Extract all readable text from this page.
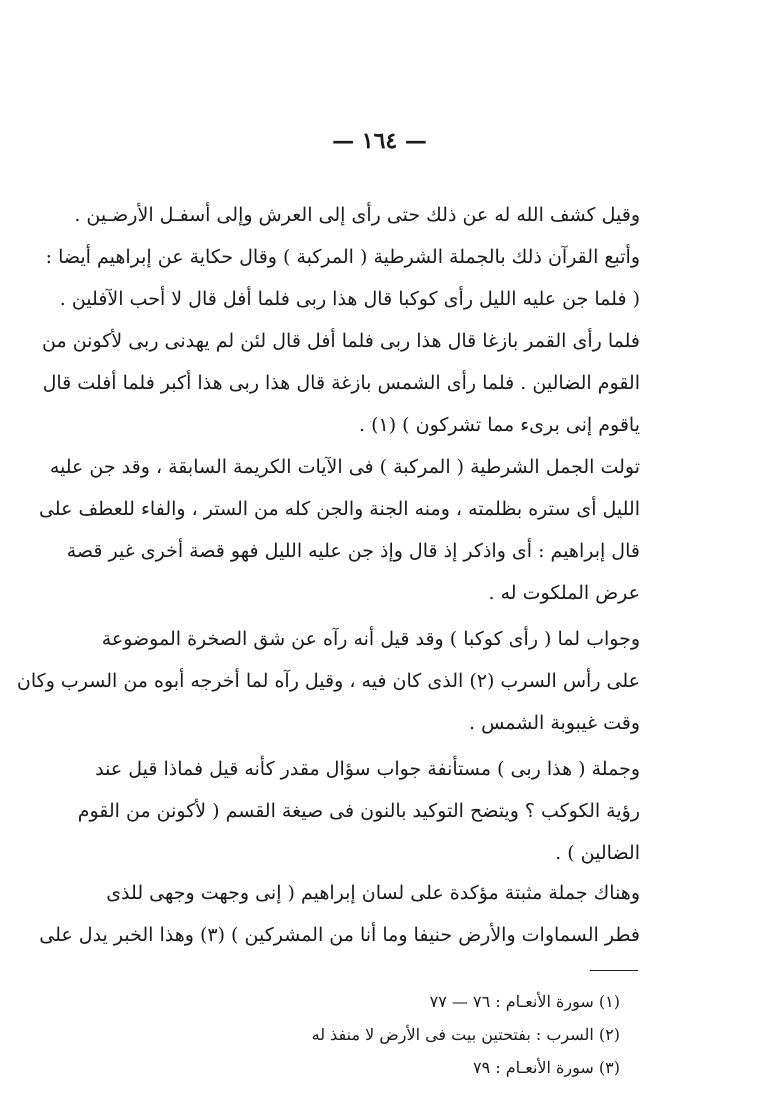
— ١٦٤ —
وقيل كشف الله له عن ذلك حتى رأى إلى العرش وإلى أسفـل الأرضـين .
وأتبع القرآن ذلك بالجملة الشرطية ( المركبة ) وقال حكاية عن إبراهيم أيضا :
( فلما جن عليه الليل رأى كوكبا قال هذا ربى فلما أفل قال لا أحب الآفلين .
فلما رأى القمر بازغا قال هذا ربى فلما أفل قال لئن لم يهدنى ربى لأكونن من
القوم الضالين . فلما رأى الشمس بازغة قال هذا ربى هذا أكبر فلما أفلت قال
ياقوم إنى برىء مما تشركون ) (١) .
تولت الجمل الشرطية ( المركبة ) فى الآيات الكريمة السابقة ، وقد جن عليه
الليل أى ستره بظلمته ، ومنه الجنة والجن كله من الستر ، والفاء للعطف على
قال إبراهيم : أى واذكر إذ قال وإذ جن عليه الليل فهو قصة أخرى غير قصة
عرض الملكوت له .
وجواب لما ( رأى كوكبا ) وقد قيل أنه رآه عن شق الصخرة الموضوعة
على رأس السرب (٢) الذى كان فيه ، وقيل رآه لما أخرجه أبوه من السرب وكان
وقت غيبوبة الشمس .
وجملة ( هذا ربى ) مستأنفة جواب سؤال مقدر كأنه قيل فماذا قيل عند
رؤية الكوكب ؟ ويتضح التوكيد بالنون فى صيغة القسم ( لأكونن من القوم
الضالين ) .
وهناك جملة مثبتة مؤكدة على لسان إبراهيم ( إنى وجهت وجهى للذى
فطر السماوات والأرض حنيفا وما أنا من المشركين ) (٣) وهذا الخبر يدل على
(١) سورة الأنعـام : ٧٦ — ٧٧
(٢) السرب : بفتحتين بيت فى الأرض لا منفذ له
(٣) سورة الأنعـام : ٧٩
